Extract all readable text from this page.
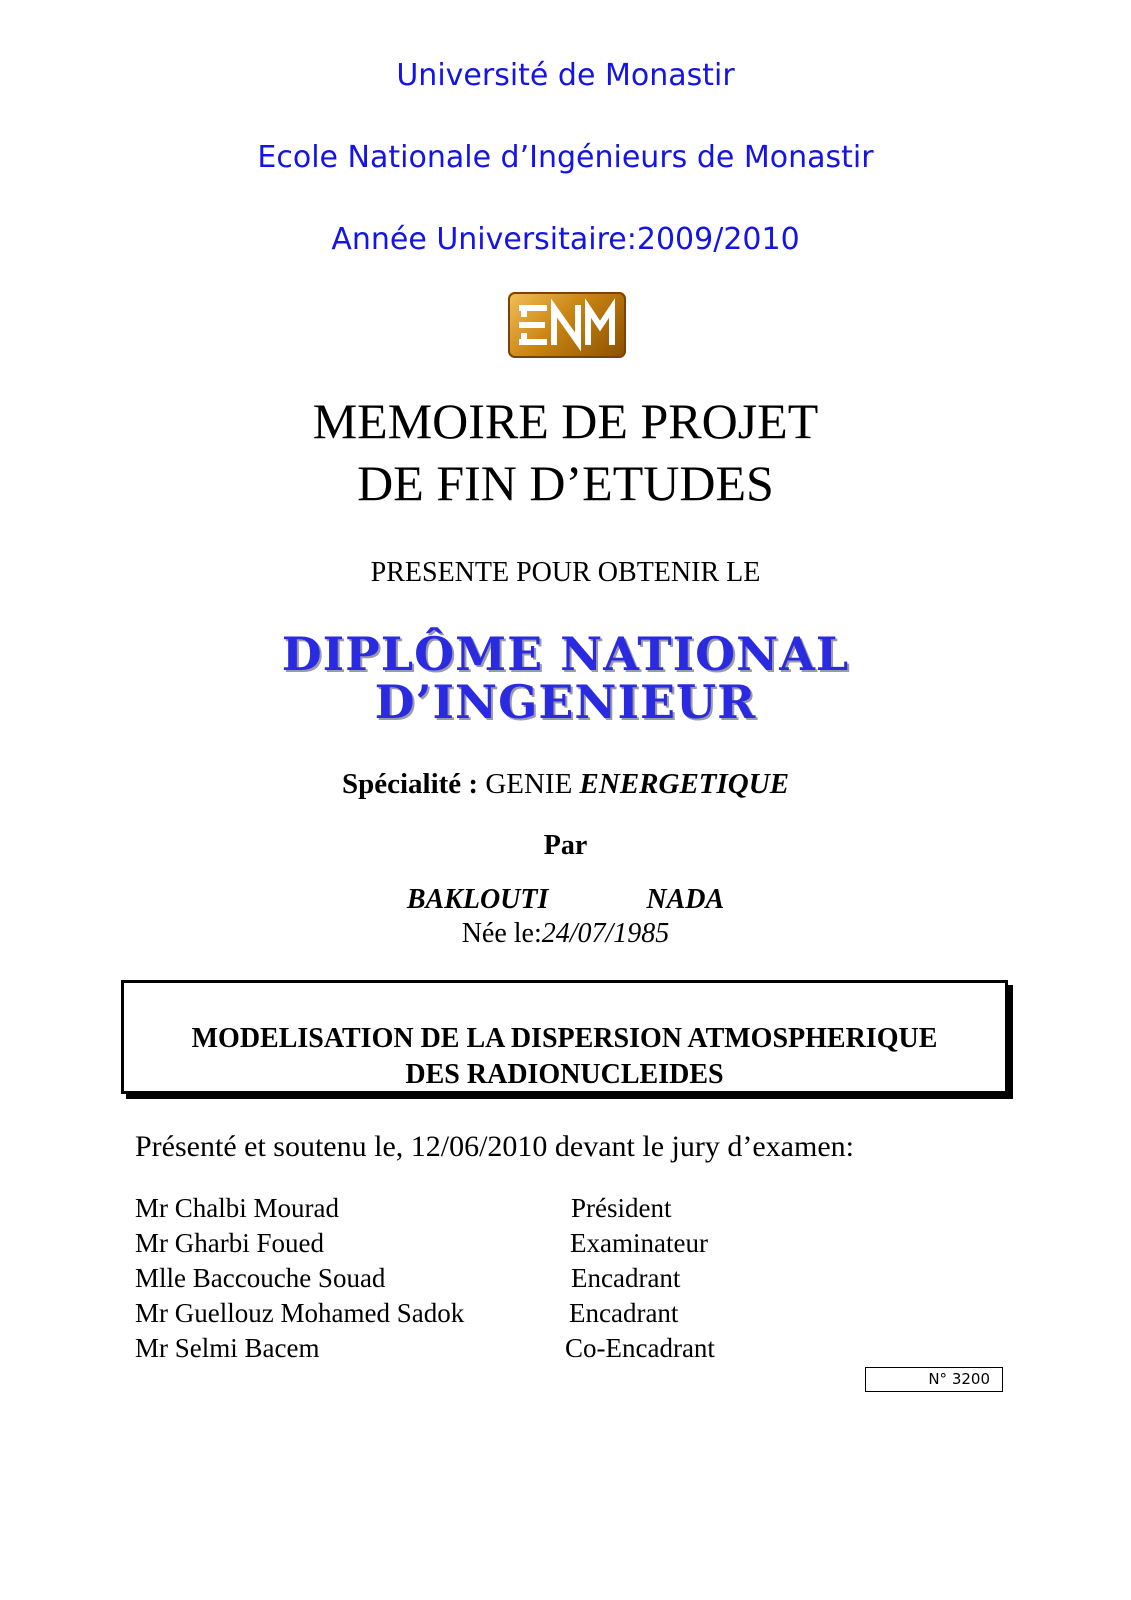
Université de Monastir
Ecole Nationale d’Ingénieurs de Monastir
Année Universitaire:2009/2010
MEMOIRE DE PROJET
DE FIN D’ETUDES
PRESENTE POUR OBTENIR LE
DIPLÔME NATIONAL
D’INGENIEUR
Spécialité : GENIE ENERGETIQUE
Par
BAKLOUTI	NADA
Née le:24/07/1985
MODELISATION DE LA DISPERSION ATMOSPHERIQUE
DES RADIONUCLEIDES
Présenté et soutenu le, 12/06/2010 devant le jury d’examen:
Mr Chalbi Mourad	Président
Mr Gharbi Foued	Examinateur
Mlle Baccouche Souad	Encadrant
Mr Guellouz Mohamed Sadok	Encadrant
Mr Selmi Bacem	Co-Encadrant
N° 3200
